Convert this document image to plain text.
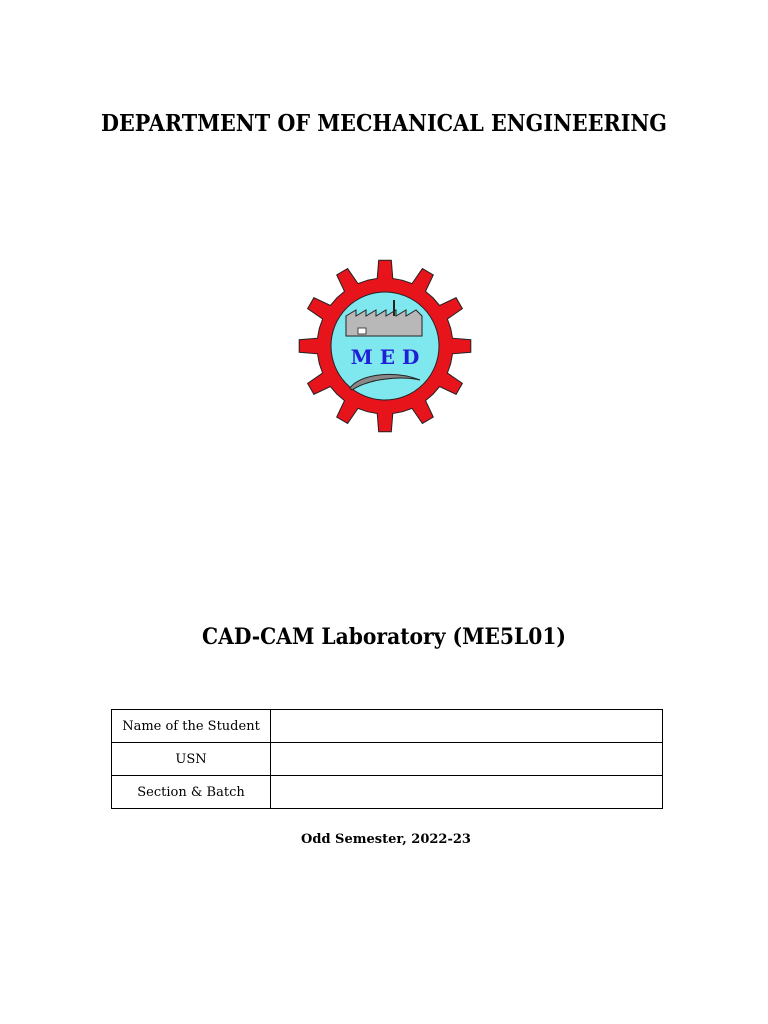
DEPARTMENT OF MECHANICAL ENGINEERING
M E D
CAD-CAM Laboratory (ME5L01)
Name of the Student	
USN	
Section & Batch	
Odd Semester, 2022-23
